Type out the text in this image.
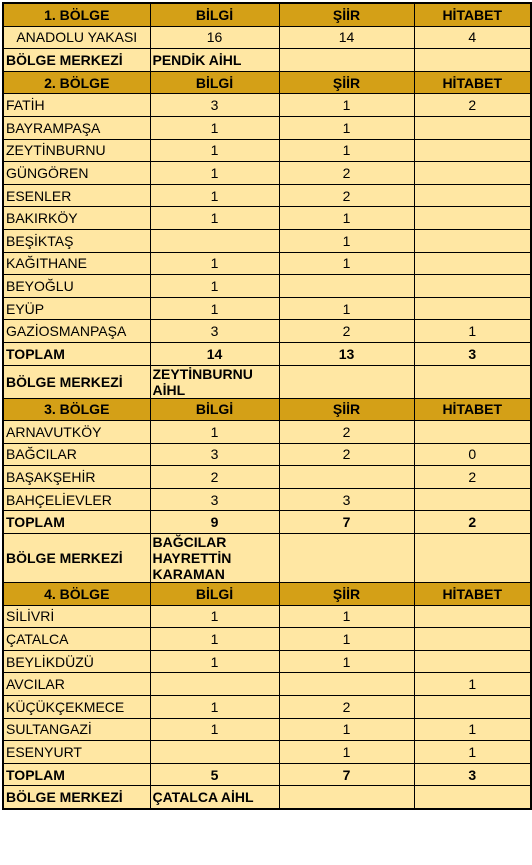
1. BÖLGE	BİLGİ	ŞİİR	HİTABET
ANADOLU YAKASI	16	14	4
BÖLGE MERKEZİ	PENDİK AİHL		
2. BÖLGE	BİLGİ	ŞİİR	HİTABET
FATİH	3	1	2
BAYRAMPAŞA	1	1	
ZEYTİNBURNU	1	1	
GÜNGÖREN	1	2	
ESENLER	1	2	
BAKIRKÖY	1	1	
BEŞİKTAŞ		1	
KAĞITHANE	1	1	
BEYOĞLU	1		
EYÜP	1	1	
GAZİOSMANPAŞA	3	2	1
TOPLAM	14	13	3
BÖLGE MERKEZİ	ZEYTİNBURNU AİHL		
3. BÖLGE	BİLGİ	ŞİİR	HİTABET
ARNAVUTKÖY	1	2	
BAĞCILAR	3	2	0
BAŞAKŞEHİR	2		2
BAHÇELİEVLER	3	3	
TOPLAM	9	7	2
BÖLGE MERKEZİ	BAĞCILAR HAYRETTİN KARAMAN		
4. BÖLGE	BİLGİ	ŞİİR	HİTABET
SİLİVRİ	1	1	
ÇATALCA	1	1	
BEYLİKDÜZÜ	1	1	
AVCILAR			1
KÜÇÜKÇEKMECE	1	2	
SULTANGAZİ	1	1	1
ESENYURT		1	1
TOPLAM	5	7	3
BÖLGE MERKEZİ	ÇATALCA AİHL		
